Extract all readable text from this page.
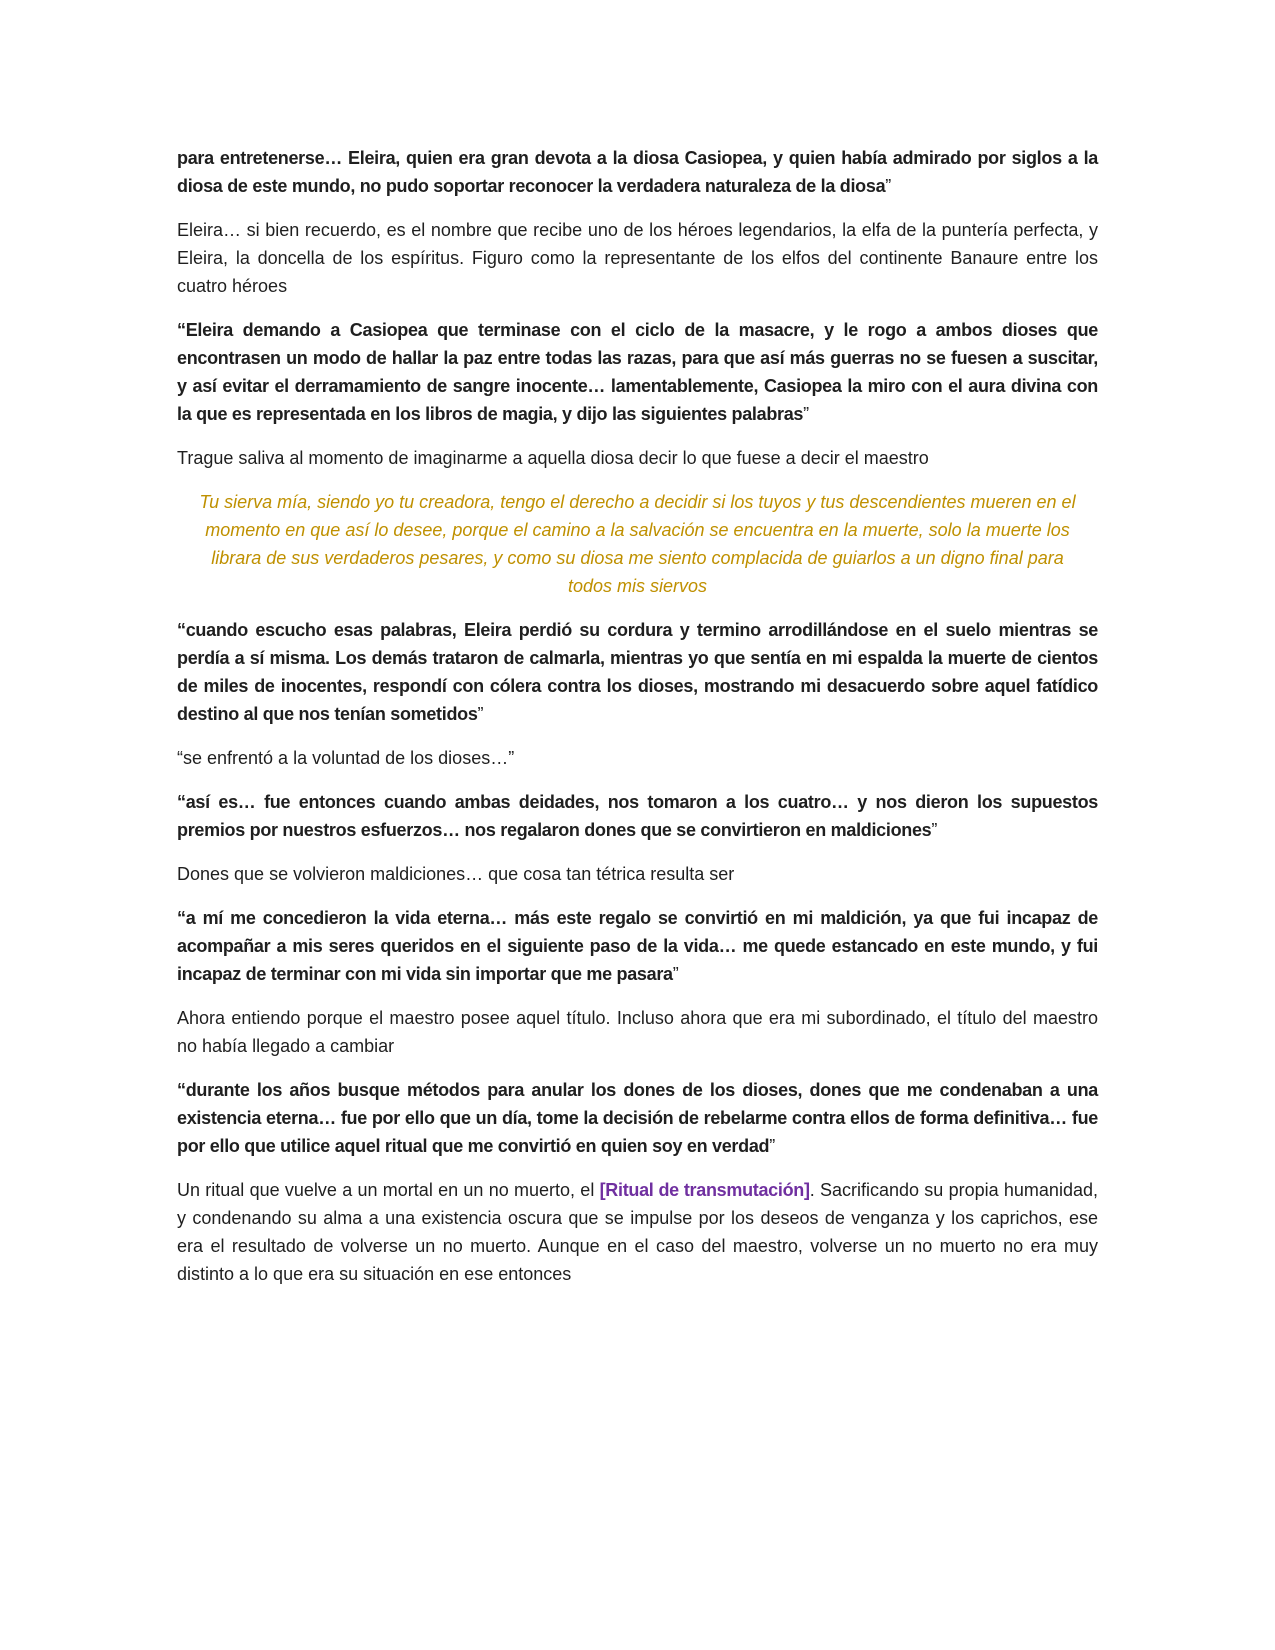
para entretenerse… Eleira, quien era gran devota a la diosa Casiopea, y quien había admirado por siglos a la diosa de este mundo, no pudo soportar reconocer la verdadera naturaleza de la diosa”

Eleira… si bien recuerdo, es el nombre que recibe uno de los héroes legendarios, la elfa de la puntería perfecta, y Eleira, la doncella de los espíritus. Figuro como la representante de los elfos del continente Banaure entre los cuatro héroes

“Eleira demando a Casiopea que terminase con el ciclo de la masacre, y le rogo a ambos dioses que encontrasen un modo de hallar la paz entre todas las razas, para que así más guerras no se fuesen a suscitar, y así evitar el derramamiento de sangre inocente… lamentablemente, Casiopea la miro con el aura divina con la que es representada en los libros de magia, y dijo las siguientes palabras”

Trague saliva al momento de imaginarme a aquella diosa decir lo que fuese a decir el maestro

Tu sierva mía, siendo yo tu creadora, tengo el derecho a decidir si los tuyos y tus descendientes mueren en el momento en que así lo desee, porque el camino a la salvación se encuentra en la muerte, solo la muerte los librara de sus verdaderos pesares, y como su diosa me siento complacida de guiarlos a un digno final para todos mis siervos

“cuando escucho esas palabras, Eleira perdió su cordura y termino arrodillándose en el suelo mientras se perdía a sí misma. Los demás trataron de calmarla, mientras yo que sentía en mi espalda la muerte de cientos de miles de inocentes, respondí con cólera contra los dioses, mostrando mi desacuerdo sobre aquel fatídico destino al que nos tenían sometidos”

“se enfrentó a la voluntad de los dioses…”

“así es… fue entonces cuando ambas deidades, nos tomaron a los cuatro… y nos dieron los supuestos premios por nuestros esfuerzos… nos regalaron dones que se convirtieron en maldiciones”

Dones que se volvieron maldiciones… que cosa tan tétrica resulta ser

“a mí me concedieron la vida eterna… más este regalo se convirtió en mi maldición, ya que fui incapaz de acompañar a mis seres queridos en el siguiente paso de la vida… me quede estancado en este mundo, y fui incapaz de terminar con mi vida sin importar que me pasara”

Ahora entiendo porque el maestro posee aquel título. Incluso ahora que era mi subordinado, el título del maestro no había llegado a cambiar

“durante los años busque métodos para anular los dones de los dioses, dones que me condenaban a una existencia eterna… fue por ello que un día, tome la decisión de rebelarme contra ellos de forma definitiva… fue por ello que utilice aquel ritual que me convirtió en quien soy en verdad”

Un ritual que vuelve a un mortal en un no muerto, el [Ritual de transmutación]. Sacrificando su propia humanidad, y condenando su alma a una existencia oscura que se impulse por los deseos de venganza y los caprichos, ese era el resultado de volverse un no muerto. Aunque en el caso del maestro, volverse un no muerto no era muy distinto a lo que era su situación en ese entonces
